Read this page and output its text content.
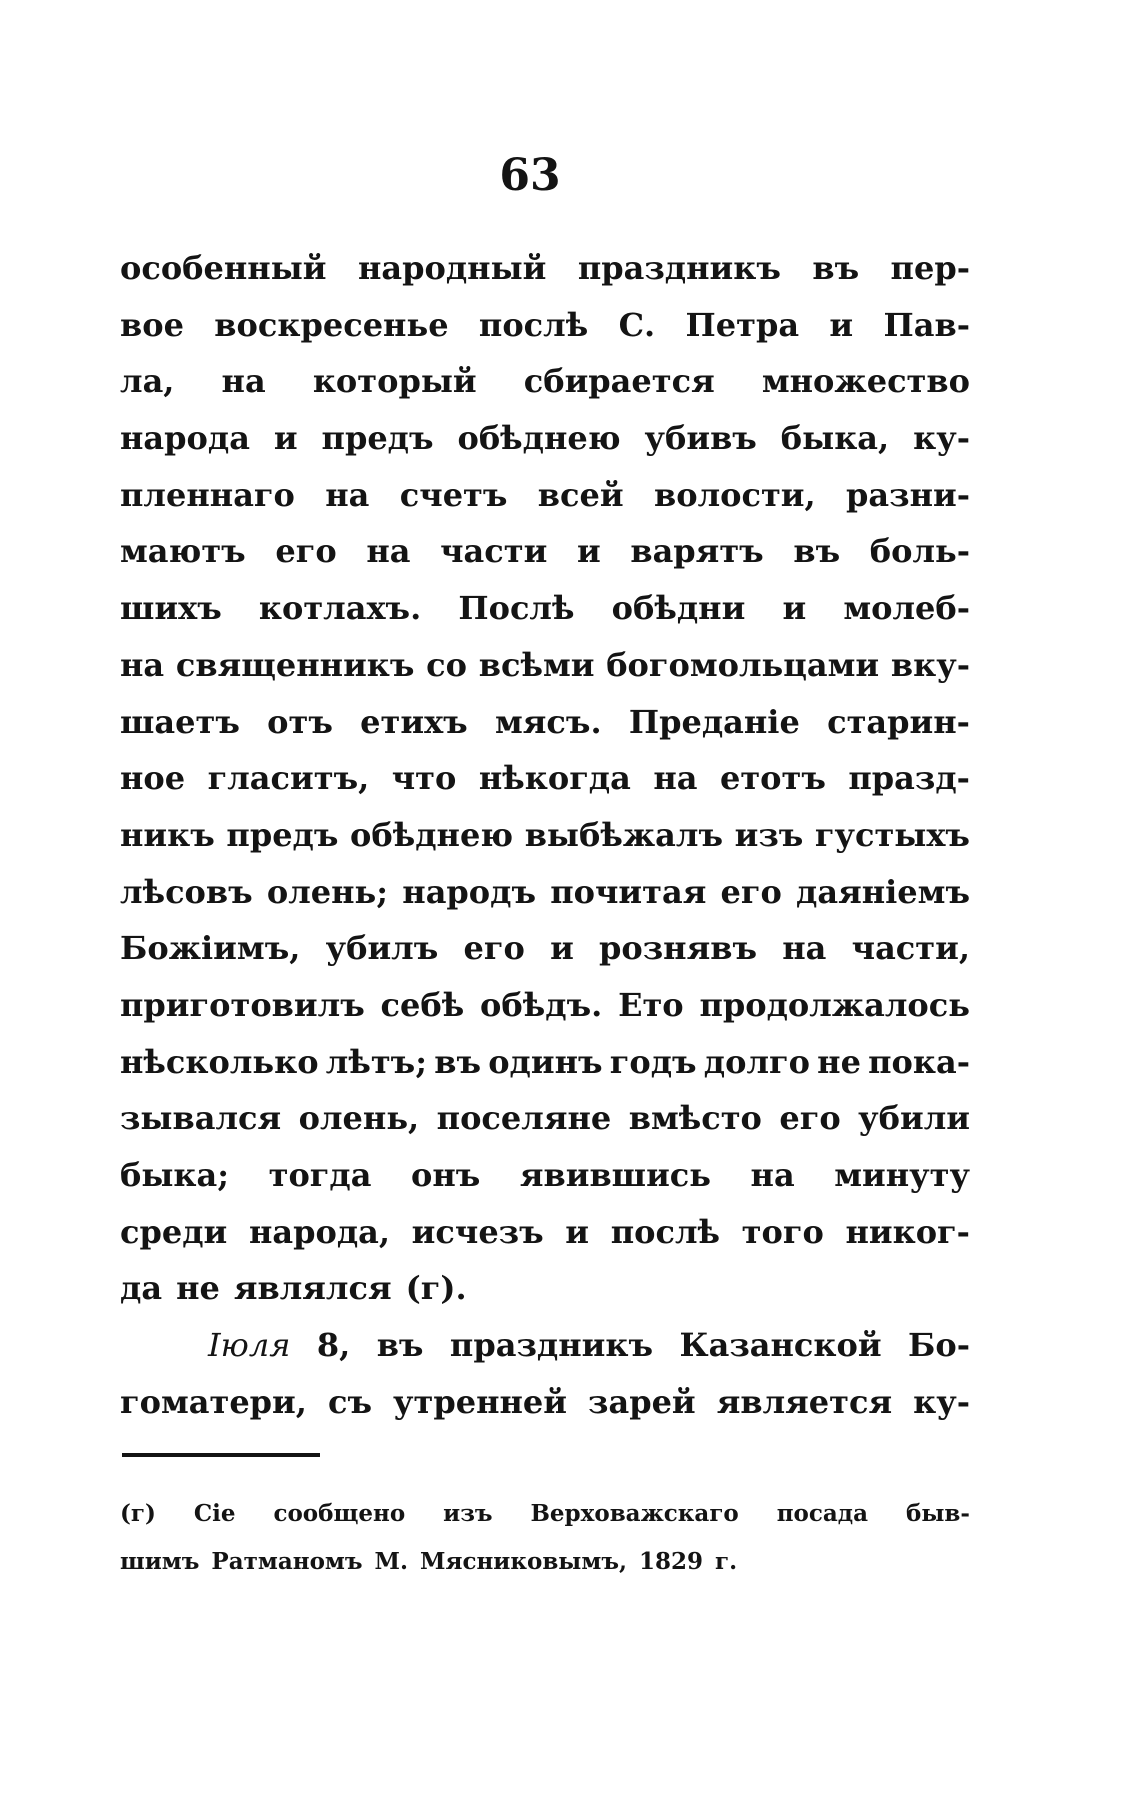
63
особенный народный праздникъ въ пер-
вое воскресенье послѣ С. Петра и Пав-
ла, на который сбирается множество
народа и предъ обѣднею убивъ быка, ку-
пленнаго на счетъ всей волости, разни-
маютъ его на части и варятъ въ боль-
шихъ котлахъ. Послѣ обѣдни и молеб-
на священникъ со всѣми богомольцами вку-
шаетъ отъ етихъ мясъ. Преданіе старин-
ное гласитъ, что нѣкогда на етотъ празд-
никъ предъ обѣднею выбѣжалъ изъ густыхъ
лѣсовъ олень; народъ почитая его даяніемъ
Божіимъ, убилъ его и рознявъ на части,
приготовилъ себѣ обѣдъ. Ето продолжалось
нѣсколько лѣтъ; въ одинъ годъ долго не пока-
зывался олень, поселяне вмѣсто его убили
быка; тогда онъ явившись на минуту
среди народа, исчезъ и послѣ того никог-
да не являлся (г).
Іюля 8, въ праздникъ Казанской Бо-
гоматери, съ утренней зарей является ку-
(г) Сіе сообщено изъ Верховажскаго посада быв-
шимъ Ратманомъ М. Мясниковымъ, 1829 г.
